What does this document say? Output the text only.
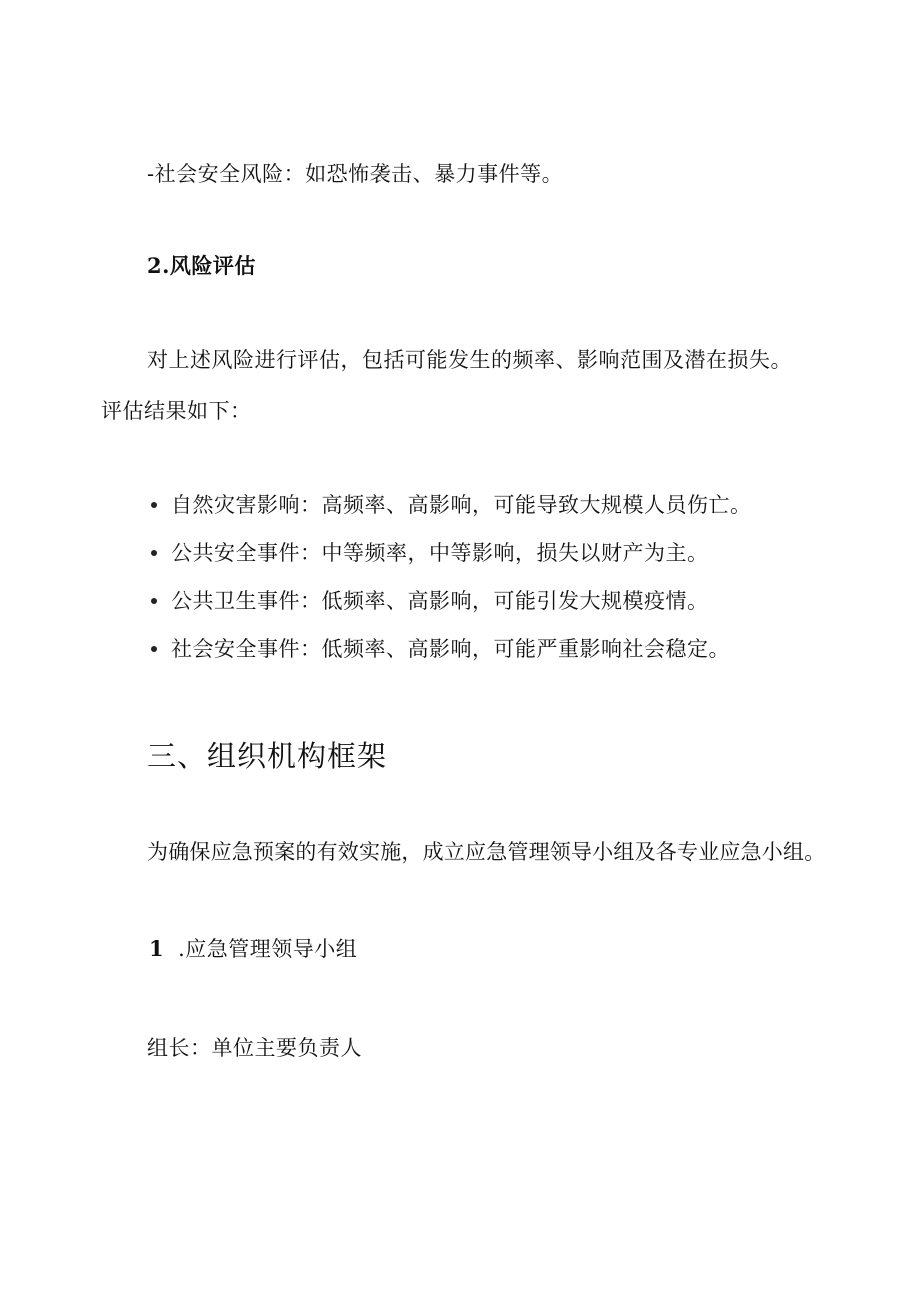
-社会安全风险：如恐怖袭击、暴力事件等。
2.风险评估
对上述风险进行评估，包括可能发生的频率、影响范围及潜在损失。
评估结果如下：
自然灾害影响：高频率、高影响，可能导致大规模人员伤亡。
公共安全事件：中等频率，中等影响，损失以财产为主。
公共卫生事件：低频率、高影响，可能引发大规模疫情。
社会安全事件：低频率、高影响，可能严重影响社会稳定。
三、组织机构框架
为确保应急预案的有效实施，成立应急管理领导小组及各专业应急小组。
1 .应急管理领导小组
组长：单位主要负责人
